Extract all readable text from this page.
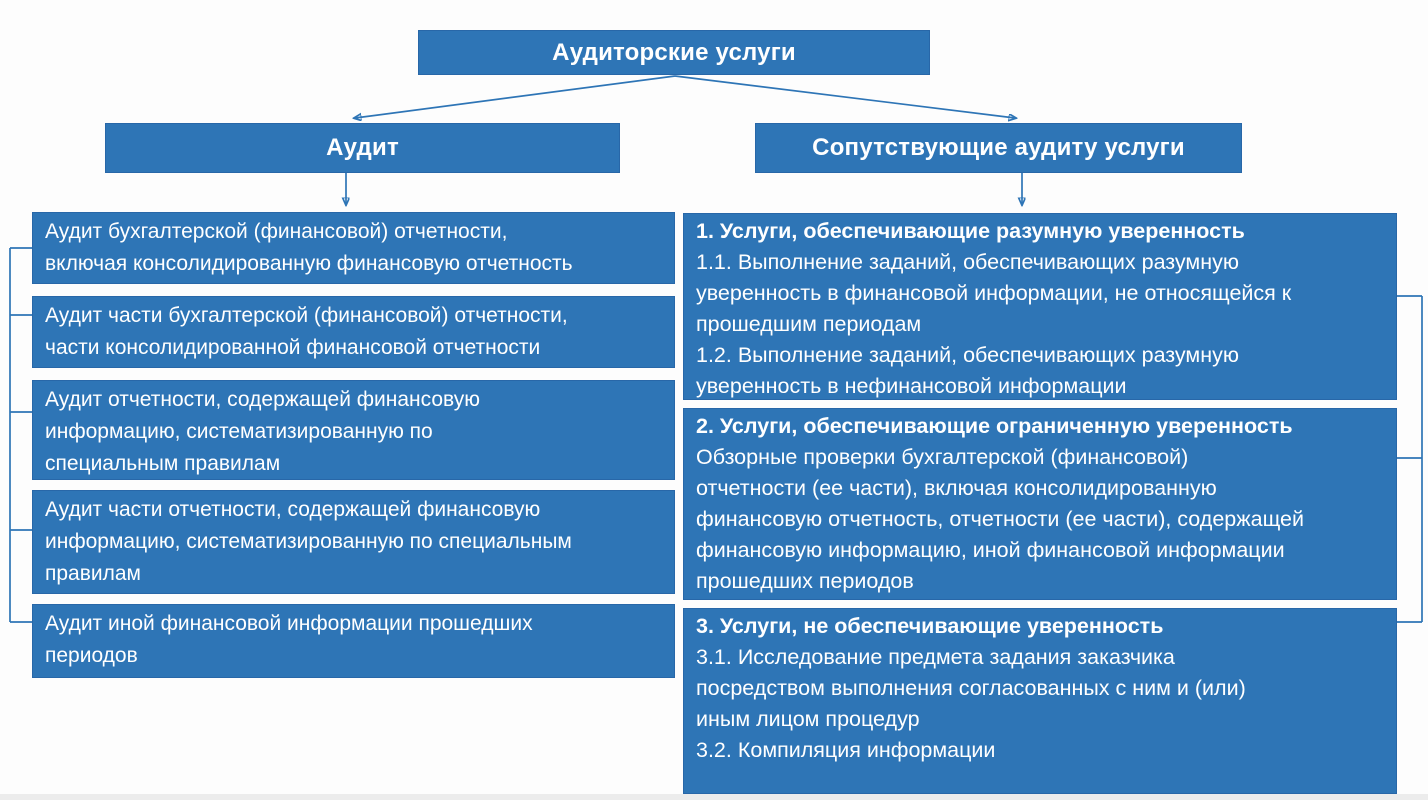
Аудиторские услуги
Аудит	Сопутствующие аудиту услуги
Аудит бухгалтерской (финансовой) отчетности,
включая консолидированную финансовую отчетность
Аудит части бухгалтерской (финансовой) отчетности,
части консолидированной финансовой отчетности
Аудит отчетности, содержащей финансовую
информацию, систематизированную по
специальным правилам
Аудит части отчетности, содержащей финансовую
информацию, систематизированную по специальным
правилам
Аудит иной финансовой информации прошедших
периодов
1. Услуги, обеспечивающие разумную уверенность
1.1. Выполнение заданий, обеспечивающих разумную
уверенность в финансовой информации, не относящейся к
прошедшим периодам
1.2. Выполнение заданий, обеспечивающих разумную
уверенность в нефинансовой информации
2. Услуги, обеспечивающие ограниченную уверенность
Обзорные проверки бухгалтерской (финансовой)
отчетности (ее части), включая консолидированную
финансовую отчетность, отчетности (ее части), содержащей
финансовую информацию, иной финансовой информации
прошедших периодов
3. Услуги, не обеспечивающие уверенность
3.1. Исследование предмета задания заказчика
посредством выполнения согласованных с ним и (или)
иным лицом процедур
3.2. Компиляция информации
